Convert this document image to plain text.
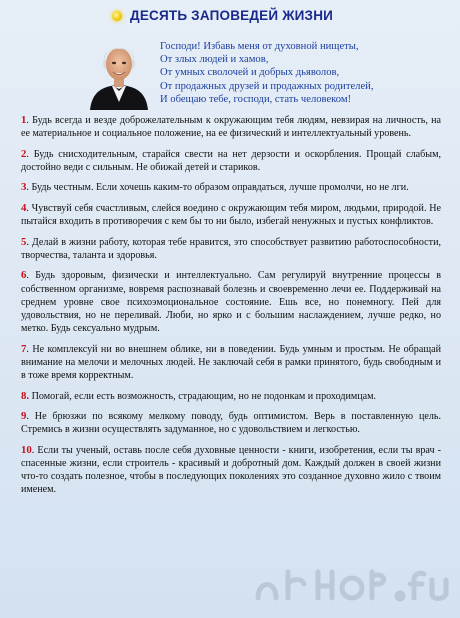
ДЕСЯТЬ ЗАПОВЕДЕЙ ЖИЗНИ
Господи! Избавь меня от духовной нищеты,
От злых людей и хамов,
От умных сволочей и добрых дьяволов,
От продажных друзей и продажных родителей,
И обещаю тебе, господи, стать человеком!

1. Будь всегда и везде доброжелательным к окружающим тебя людям, невзирая на личность, на ее материальное и социальное положение, на ее физический и интеллектуальный уровень.

2. Будь снисходительным, старайся свести на нет дерзости и оскорбления. Прощай слабым, достойно веди с сильным. Не обижай детей и стариков.

3. Будь честным. Если хочешь каким-то образом оправдаться, лучше промолчи, но не лги.

4. Чувствуй себя счастливым, слейся воедино с окружающим тебя миром, людьми, природой. Не пытайся входить в противоречия с кем бы то ни было, избегай ненужных и пустых конфликтов.

5. Делай в жизни работу, которая тебе нравится, это способствует развитию работоспособности, творчества, таланта и здоровья.

6. Будь здоровым, физически и интеллектуально. Сам регулируй внутренние процессы в собственном организме, вовремя распознавай болезнь и своевременно лечи ее. Поддерживай на среднем уровне свое психоэмоциональное состояние. Ешь все, но понемногу. Пей для удовольствия, но не переливай. Люби, но ярко и с большим наслаждением, лучше редко, но метко. Будь сексуально мудрым.

7. Не комплексуй ни во внешнем облике, ни в поведении. Будь умным и простым. Не обращай внимание на мелочи и мелочных людей. Не заключай себя в рамки принятого, будь свободным и в тоже время корректным.

8. Помогай, если есть возможность, страдающим, но не подонкам и проходимцам.

9. Не брюзжи по всякому мелкому поводу, будь оптимистом. Верь в поставленную цель. Стремись в жизни осуществлять задуманное, но с удовольствием и легкостью.

10. Если ты ученый, оставь после себя духовные ценности - книги, изобретения, если ты врач - спасенные жизни, если строитель - красивый и добротный дом. Каждый должен в своей жизни что-то создать полезное, чтобы в последующих поколениях это созданное духовно жило с твоим именем.
